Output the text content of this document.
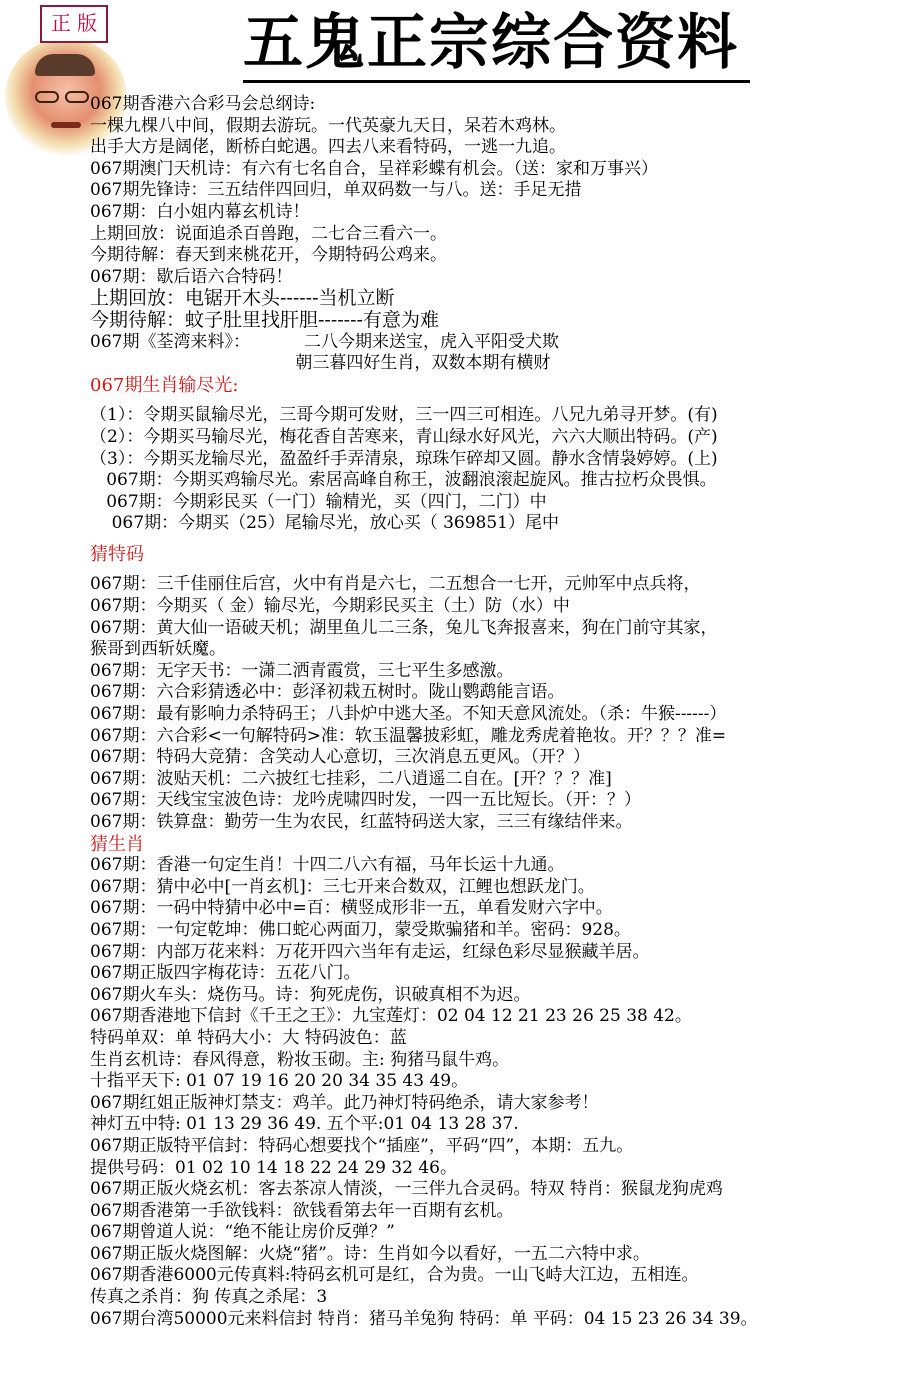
正 版 五鬼正宗综合资料
067期香港六合彩马会总纲诗:
一棵九棵八中间，假期去游玩。一代英豪九天日，呆若木鸡林。
出手大方是阔佬，断桥白蛇遇。四去八来看特码，一逃一九追。
067期澳门天机诗：有六有七名自合，呈祥彩蝶有机会。（送：家和万事兴）
067期先锋诗：三五结伴四回归，单双码数一与八。送：手足无措
067期：白小姐内幕玄机诗！
上期回放：说面追杀百兽跑，二七合三看六一。
今期待解：春天到来桃花开，今期特码公鸡来。
067期：歇后语六合特码！
上期回放：电锯开木头------当机立断
今期待解：蚊子肚里找肝胆-------有意为难
067期《荃湾来料》：          二八今期来送宝，虎入平阳受犬欺
朝三暮四好生肖，双数本期有横财
067期生肖输尽光:
（1）：令期买鼠输尽光，三哥今期可发财，三一四三可相连。八兄九弟寻开梦。(有)
（2）：今期买马输尽光，梅花香自苦寒来，青山绿水好风光，六六大顺出特码。(产)
（3）：今期买龙输尽光，盈盈纤手弄清泉，琼珠乍碎却又圆。静水含情袅婷婷。(上)
067期：今期买鸡输尽光。索居高峰自称王，波翻浪滚起旋风。推古拉朽众畏惧。
067期：今期彩民买（一门）输精光，买（四门，二门）中
067期：今期买（25）尾输尽光，放心买（ 369851）尾中
猜特码
067期：三千佳丽住后宫，火中有肖是六七，二五想合一七开，元帅军中点兵将，
067期：今期买（ 金）输尽光，今期彩民买主（土）防（水）中
067期：黄大仙一语破天机；湖里鱼儿二三条，兔儿飞奔报喜来，狗在门前守其家，
猴哥到西斩妖魔。
067期：无字天书：一潇二洒青霞赏，三七平生多感激。
067期：六合彩猜透必中：彭泽初栽五树时。陇山鹦鹉能言语。
067期：最有影响力杀特码王；八卦炉中逃大圣。不知天意风流处。（杀：牛猴------）
067期：六合彩<一句解特码>准：软玉温馨披彩虹，雕龙秀虎着艳妆。开？？？准=
067期：特码大竞猜：含笑动人心意切，三次消息五更风。（开？）
067期：波贴天机：二六披红七挂彩，二八逍遥二自在。[开？？？准]
067期：天线宝宝波色诗：龙吟虎啸四时发，一四一五比短长。（开：？）
067期：铁算盘：勤劳一生为农民，红蓝特码送大家，三三有缘结伴来。
猜生肖
067期：香港一句定生肖！十四二八六有福，马年长运十九通。
067期：猜中必中[一肖玄机]：三七开来合数双，江鲤也想跃龙门。
067期：一码中特猜中必中=百：横竖成形非一五，单看发财六字中。
067期：一句定乾坤：佛口蛇心两面刀，蒙受欺骗猪和羊。密码：928。
067期：内部万花来料：万花开四六当年有走运，红绿色彩尽显猴藏羊居。
067期正版四字梅花诗：五花八门。
067期火车头：烧伤马。诗：狗死虎伤，识破真相不为迟。
067期香港地下信封《千王之王》：九宝莲灯：02 04 12 21 23 26 25 38 42。
特码单双：单 特码大小：大 特码波色：蓝
生肖玄机诗：春风得意，粉妆玉砌。主: 狗猪马鼠牛鸡。
十指平天下: 01 07 19 16 20 20 34 35 43 49。
067期红姐正版神灯禁支：鸡羊。此乃神灯特码绝杀，请大家参考！
神灯五中特: 01 13 29 36 49. 五个平:01 04 13 28 37.
067期正版特平信封：特码心想要找个“插座”，平码“四”，本期：五九。
提供号码：01 02 10 14 18 22 24 29 32 46。
067期正版火烧玄机：客去茶凉人情淡，一三伴九合灵码。特双 特肖：猴鼠龙狗虎鸡
067期香港第一手欲钱料：欲钱看第去年一百期有玄机。
067期曾道人说：“绝不能让房价反弹？”
067期正版火烧图解：火烧“猪”。诗：生肖如今以看好，一五二六特中求。
067期香港6000元传真料:特码玄机可是红，合为贵。一山飞峙大江边，五相连。
传真之杀肖：狗 传真之杀尾：3
067期台湾50000元来料信封 特肖：猪马羊兔狗 特码：单 平码：04 15 23 26 34 39。
